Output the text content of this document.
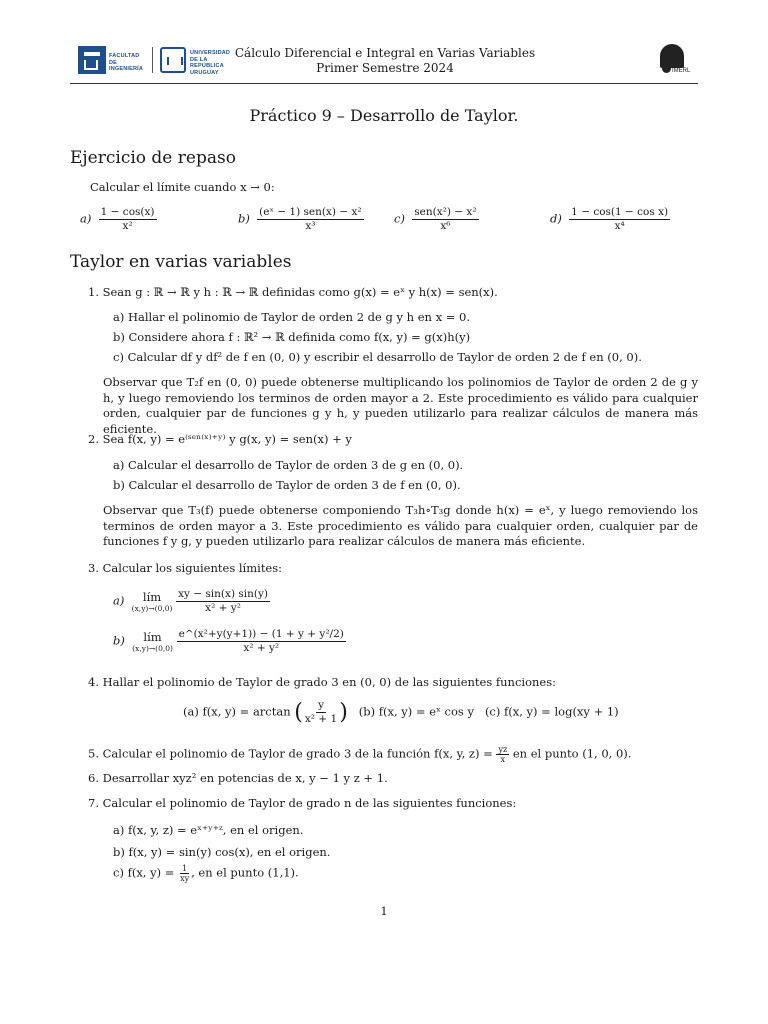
FACULTAD DE INGENIERÍA
UNIVERSIDAD DE LA REPÚBLICA URUGUAY
Cálculo Diferencial e Integral en Varias Variables
Primer Semestre 2024	IMERL
Práctico 9 – Desarrollo de Taylor.
Ejercicio de repaso
Calcular el límite cuando x → 0:
$a) \frac{1 - \cos(x)}{\text{x²}}$	$b) \frac{\text{(eˣ − 1) sen(x) − x²}}{\text{x³}}$	$c) \frac{\text{sen(x²) − x²}}{\text{x⁶}}$	$d) \frac{\text{1 − cos(1 − cos x)}}{\text{x⁴}}$
Taylor en varias variables
1. Sean g : ℝ → ℝ y h : ℝ → ℝ definidas como g(x) = eˣ y h(x) = sen(x).
a) Hallar el polinomio de Taylor de orden 2 de g y h en x = 0.
b) Considere ahora f : ℝ² → ℝ definida como f(x, y) = g(x)h(y)
c) Calcular df y df² de f en (0, 0) y escribir el desarrollo de Taylor de orden 2 de f en (0, 0).
Observar que T₂f en (0, 0) puede obtenerse multiplicando los polinomios de Taylor de orden 2 de g y h, y luego removiendo los terminos de orden mayor a 2. Este procedimiento es válido para cualquier orden, cualquier par de funciones g y h, y pueden utilizarlo para realizar cálculos de manera más eficiente.
2. Sea f(x, y) = e⁽ˢᵉⁿ⁽ˣ⁾⁺ʸ⁾ y g(x, y) = sen(x) + y
a) Calcular el desarrollo de Taylor de orden 3 de g en (0, 0).
b) Calcular el desarrollo de Taylor de orden 3 de f en (0, 0).
Observar que T₃(f) puede obtenerse componiendo T₃h∘T₃g donde h(x) = eˣ, y luego removiendo los terminos de orden mayor a 3. Este procedimiento es válido para cualquier orden, cualquier par de funciones f y g, y pueden utilizarlo para realizar cálculos de manera más eficiente.
3. Calcular los siguientes límites:
a) lím
(x,y)→(0,0)
$\frac{xy - \sin(x) \sin(y)}{\text{x² + y²}}$
b) lím
(x,y)→(0,0)
$\frac{\text{e\textasciicircum{}(x²+y(y+1)) − (1 + y + y²/2)}}{\text{x² + y²}}$
4. Hallar el polinomio de Taylor de grado 3 en (0, 0) de las siguientes funciones:
(a) f(x, y) = arctan ( $\frac{y}{\text{x² + 1}}$ ) (b) f(x, y) = eˣ cos y (c) f(x, y) = log(xy + 1)
5. Calcular el polinomio de Taylor de grado 3 de la función f(x, y, $z) = \frac{yz}{x}$ en el punto (1, 0, 0).
6. Desarrollar xyz² en potencias de x, y − 1 y z + 1.
7. Calcular el polinomio de Taylor de grado n de las siguientes funciones:
a) f(x, y, z) = eˣ⁺ʸ⁺ᶻ, en el origen.
b) f(x, y) = sin(y) cos(x), en el origen.
c) f(x, $y) = \frac{1}{xy}$ , en el punto (1,1).
1
